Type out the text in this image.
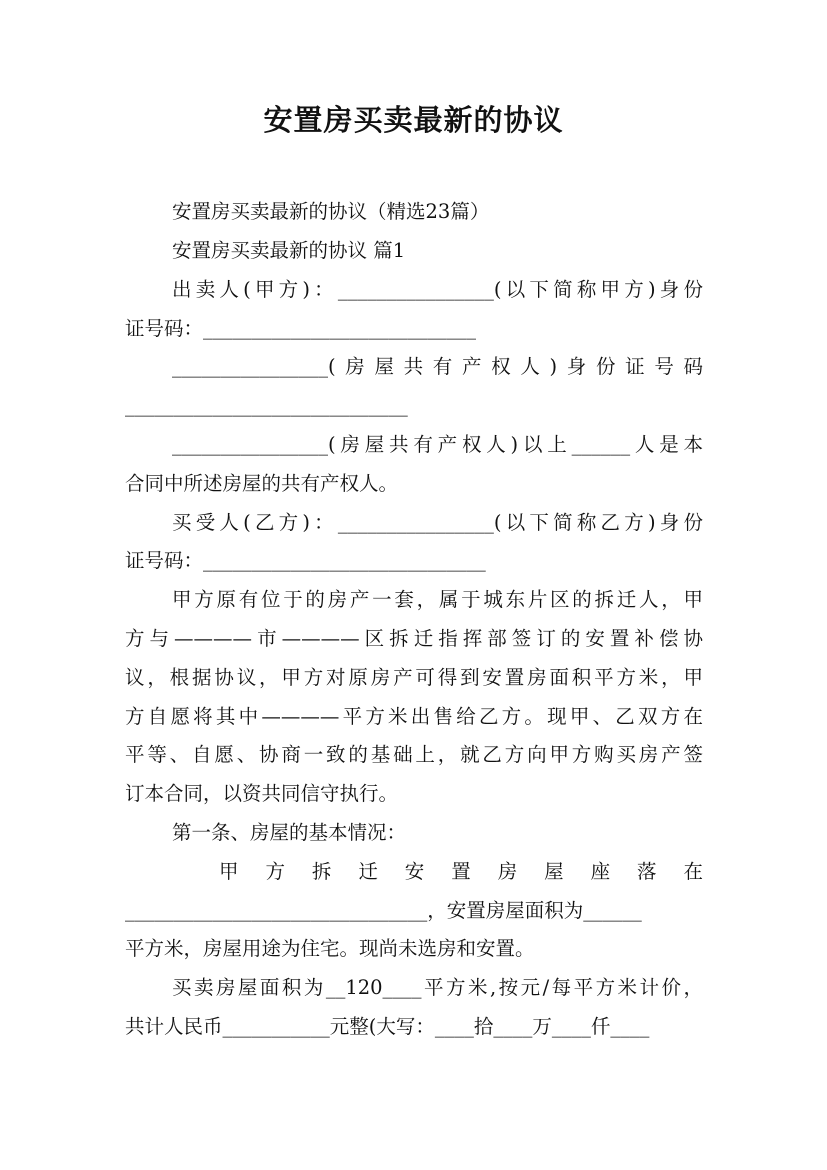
安置房买卖最新的协议
安置房买卖最新的协议（精选23篇）
安置房买卖最新的协议 篇1
出卖人(甲方)：________________(以下简称甲方)身份
证号码：____________________________
________________(房屋共有产权人)身份证号码
_____________________________
________________(房屋共有产权人)以上______人是本
合同中所述房屋的共有产权人。
买受人(乙方)：________________(以下简称乙方)身份
证号码：_____________________________
甲方原有位于的房产一套，属于城东片区的拆迁人，甲
方与————市————区拆迁指挥部签订的安置补偿协
议，根据协议，甲方对原房产可得到安置房面积平方米，甲
方自愿将其中————平方米出售给乙方。现甲、乙双方在
平等、自愿、协商一致的基础上，就乙方向甲方购买房产签
订本合同，以资共同信守执行。
第一条、房屋的基本情况：
甲方拆迁安置房屋座落在
_______________________________，安置房屋面积为______
平方米，房屋用途为住宅。现尚未选房和安置。
买卖房屋面积为__120____平方米,按元/每平方米计价，
共计人民币___________元整(大写：____拾____万____仟____
